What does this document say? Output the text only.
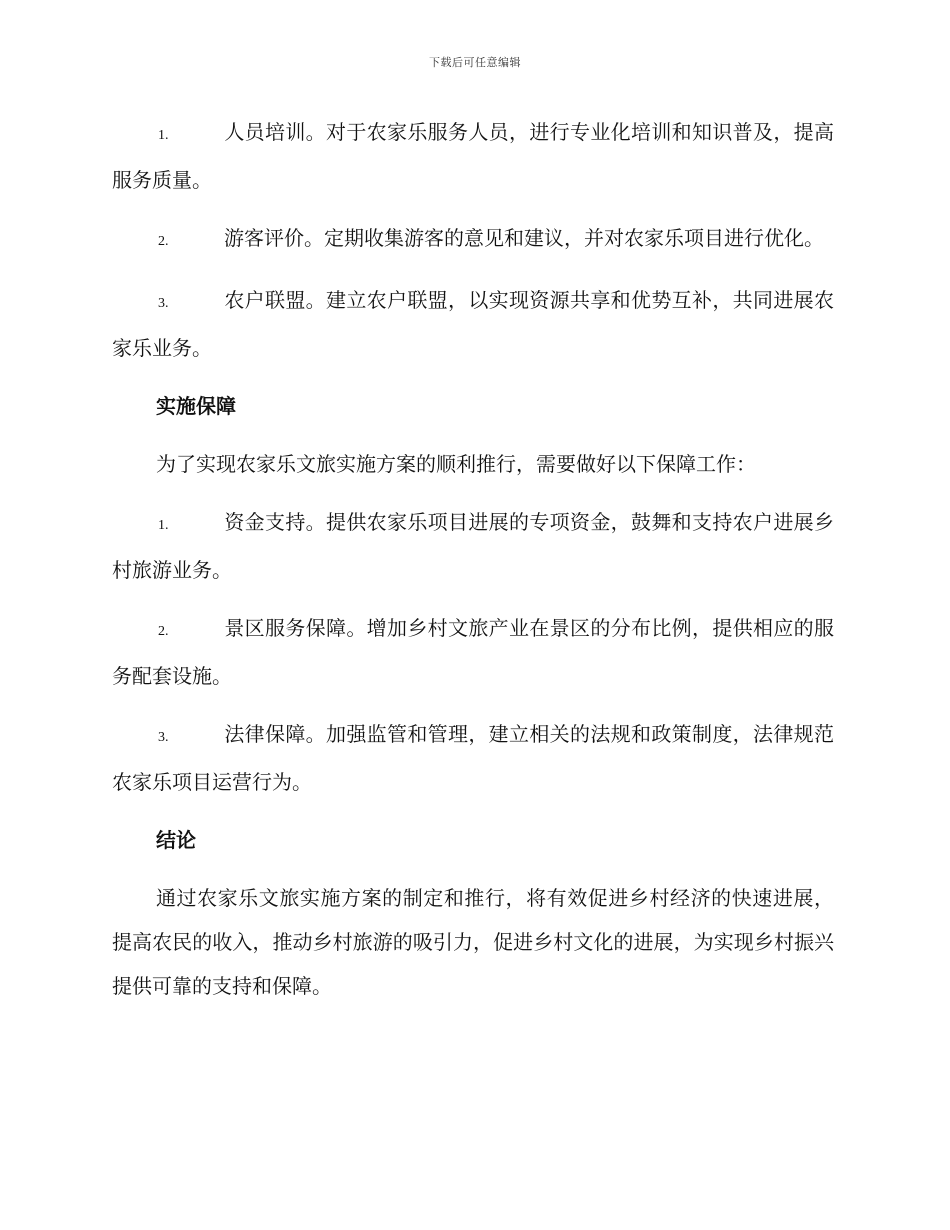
下载后可任意编辑
1.	人员培训。对于农家乐服务人员，进行专业化培训和知识普及，提高服务质量。
2.	游客评价。定期收集游客的意见和建议，并对农家乐项目进行优化。
3.	农户联盟。建立农户联盟，以实现资源共享和优势互补，共同进展农家乐业务。
实施保障
为了实现农家乐文旅实施方案的顺利推行，需要做好以下保障工作：
1.	资金支持。提供农家乐项目进展的专项资金，鼓舞和支持农户进展乡村旅游业务。
2.	景区服务保障。增加乡村文旅产业在景区的分布比例，提供相应的服务配套设施。
3.	法律保障。加强监管和管理，建立相关的法规和政策制度，法律规范农家乐项目运营行为。
结论
通过农家乐文旅实施方案的制定和推行，将有效促进乡村经济的快速进展，提高农民的收入，推动乡村旅游的吸引力，促进乡村文化的进展，为实现乡村振兴提供可靠的支持和保障。
